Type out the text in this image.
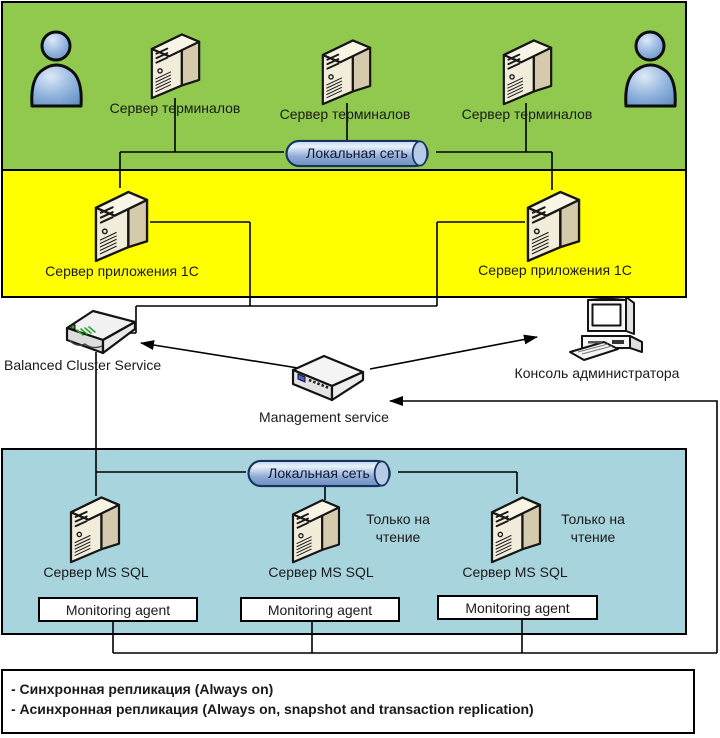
Сервер терминалов	Сервер терминалов	Сервер терминалов
Локальная сеть
Сервер приложения 1С	Сервер приложения 1С
Balanced Cluster Service
Management service
Консоль администратора
Локальная сеть
Сервер MS SQL	Сервер MS SQL	Сервер MS SQL
Только на чтение
Только на чтение
Monitoring agent	Monitoring agent	Monitoring agent
- Синхронная репликация (Always on)
- Асинхронная репликация (Always on, snapshot and transaction replication)
